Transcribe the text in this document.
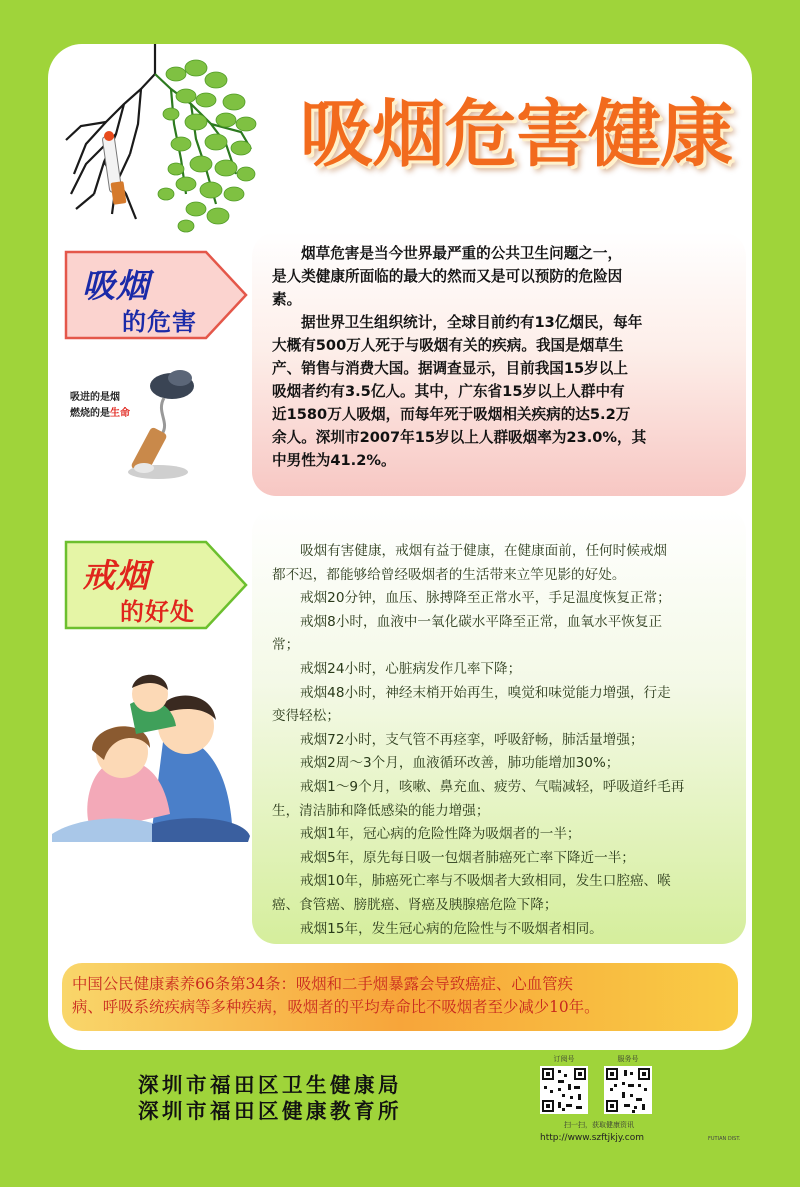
吸烟危害健康
吸烟
的危害
吸进的是烟
燃烧的是生命

烟草危害是当今世界最严重的公共卫生问题之一，

是人类健康所面临的最大的然而又是可以预防的危险因

素。

据世界卫生组织统计，全球目前约有13亿烟民，每年

大概有500万人死于与吸烟有关的疾病。我国是烟草生

产、销售与消费大国。据调查显示，目前我国15岁以上

吸烟者约有3.5亿人。其中，广东省15岁以上人群中有

近1580万人吸烟，而每年死于吸烟相关疾病的达5.2万

余人。深圳市2007年15岁以上人群吸烟率为23.0%，其

中男性为41.2%。

戒烟
的好处

吸烟有害健康，戒烟有益于健康，在健康面前，任何时候戒烟

都不迟，都能够给曾经吸烟者的生活带来立竿见影的好处。

戒烟20分钟，血压、脉搏降至正常水平，手足温度恢复正常；

戒烟8小时，血液中一氧化碳水平降至正常，血氧水平恢复正

常；

戒烟24小时，心脏病发作几率下降；

戒烟48小时，神经末梢开始再生，嗅觉和味觉能力增强，行走

变得轻松；

戒烟72小时，支气管不再痉挛，呼吸舒畅，肺活量增强；

戒烟2周～3个月，血液循环改善，肺功能增加30%；

戒烟1～9个月，咳嗽、鼻充血、疲劳、气喘减轻，呼吸道纤毛再

生，清洁肺和降低感染的能力增强；

戒烟1年，冠心病的危险性降为吸烟者的一半；

戒烟5年，原先每日吸一包烟者肺癌死亡率下降近一半；

戒烟10年，肺癌死亡率与不吸烟者大致相同，发生口腔癌、喉

癌、食管癌、膀胱癌、肾癌及胰腺癌危险下降；

戒烟15年，发生冠心病的危险性与不吸烟者相同。

中国公民健康素养66条第34条：吸烟和二手烟暴露会导致癌症、心血管疾

病、呼吸系统疾病等多种疾病，吸烟者的平均寿命比不吸烟者至少减少10年。

深圳市福田区卫生健康局
深圳市福田区健康教育所
订阅号	服务号
扫一扫，获取健康资讯
http://www.szftjkjy.com	FUTIAN DIST.
